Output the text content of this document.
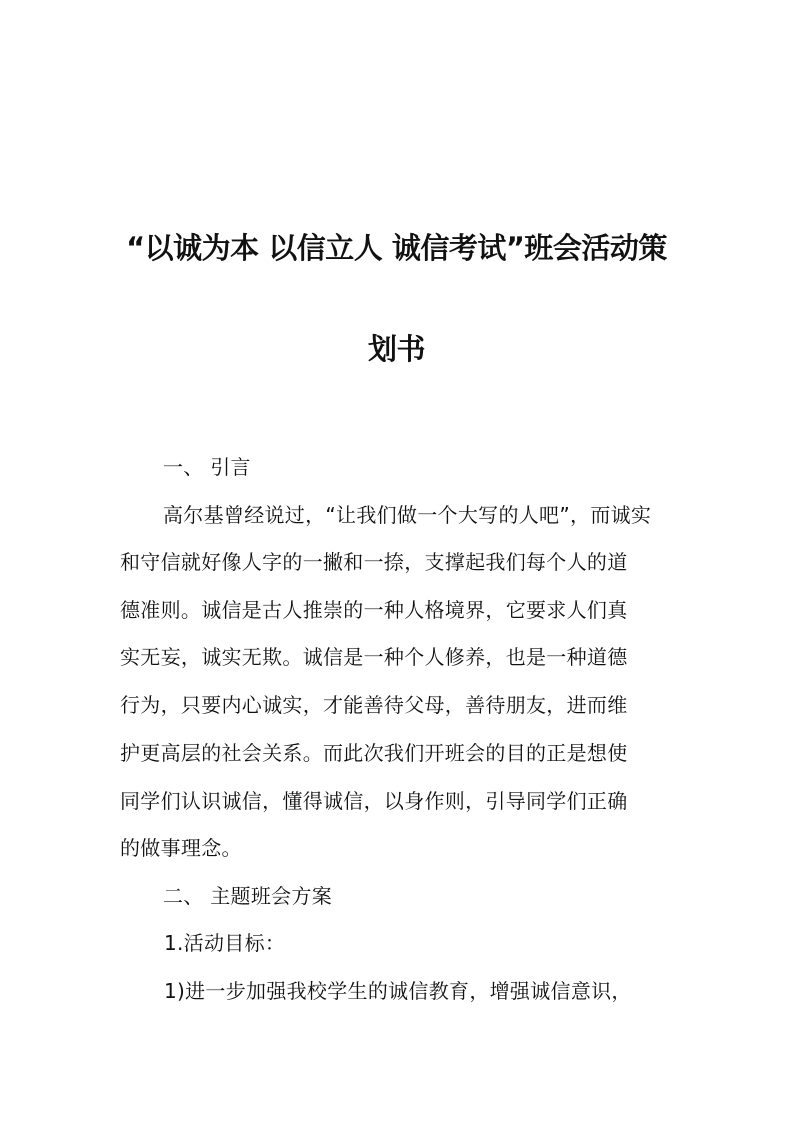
“以诚为本 以信立人 诚信考试”班会活动策
划书
一、 引言
高尔基曾经说过，“让我们做一个大写的人吧”，而诚实
和守信就好像人字的一撇和一捺，支撑起我们每个人的道
德准则。诚信是古人推崇的一种人格境界，它要求人们真
实无妄，诚实无欺。诚信是一种个人修养，也是一种道德
行为，只要内心诚实，才能善待父母，善待朋友，进而维
护更高层的社会关系。而此次我们开班会的目的正是想使
同学们认识诚信，懂得诚信，以身作则，引导同学们正确
的做事理念。
二、 主题班会方案
1.活动目标：
1)进一步加强我校学生的诚信教育，增强诚信意识，
